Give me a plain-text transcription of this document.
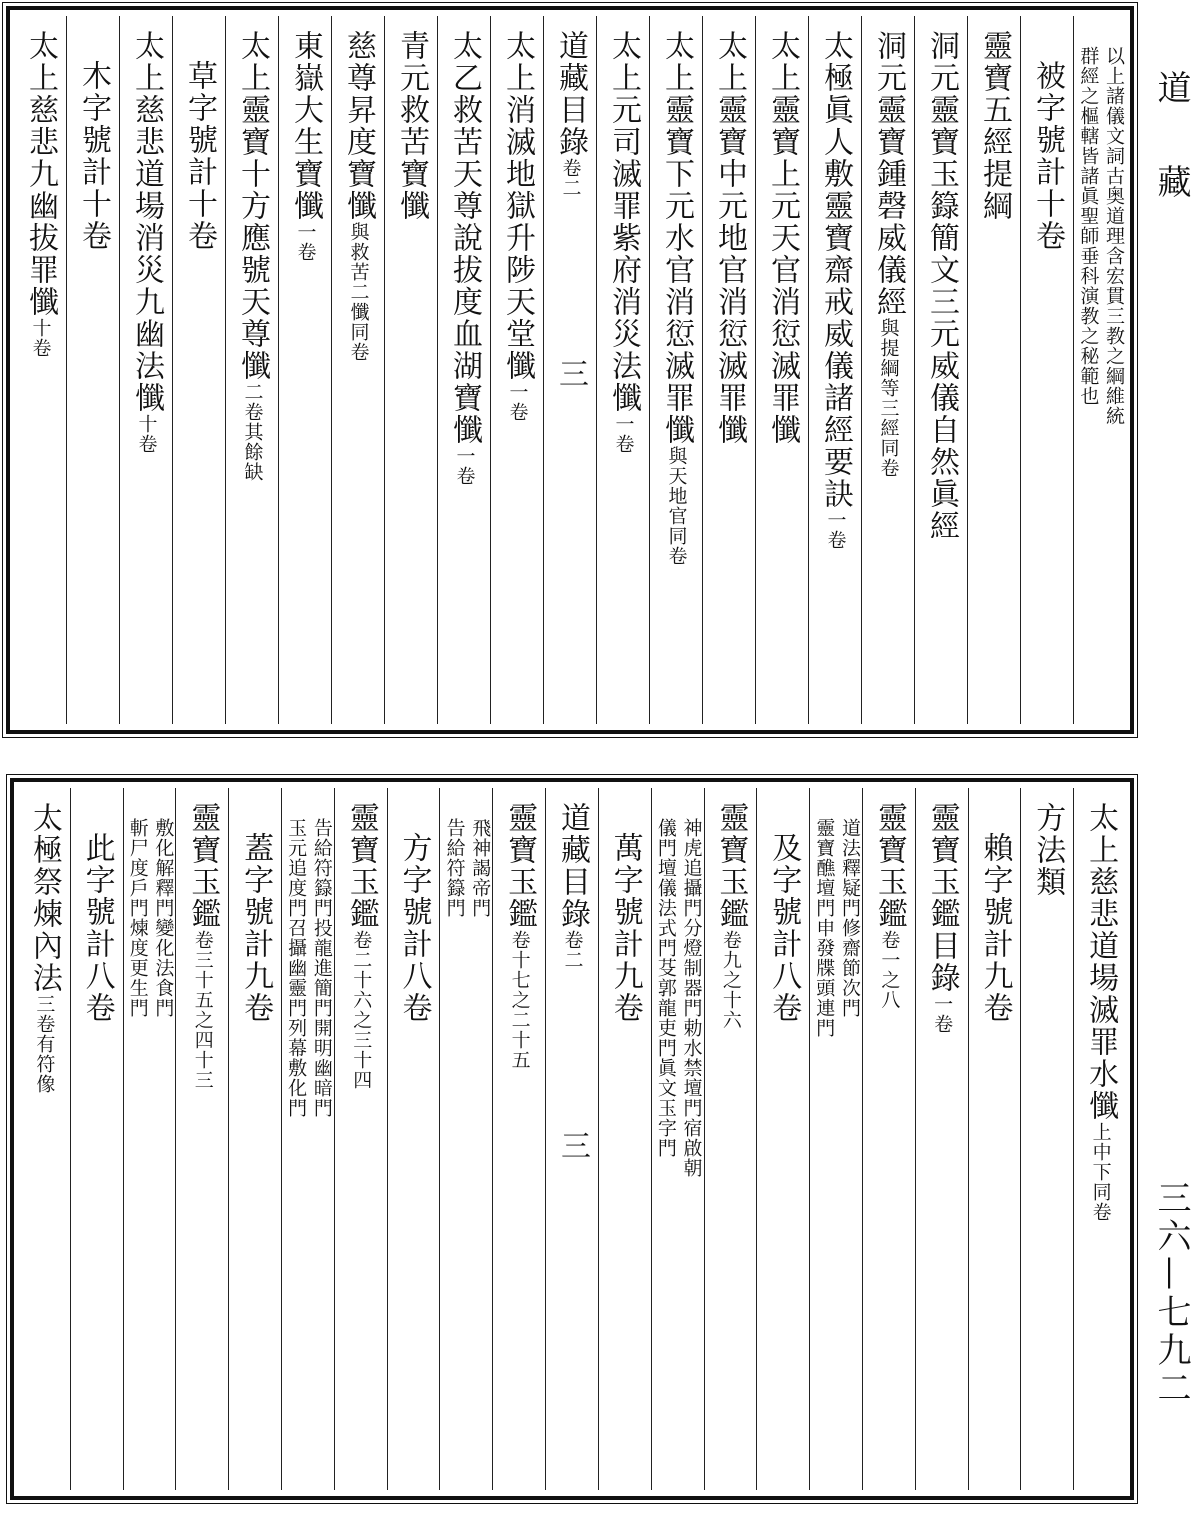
道藏
三六—七九二
以上諸儀文詞古奥道理含宏貫三教之綱維統
群經之樞轄皆諸眞聖師垂科演教之秘範也
被字號計十卷
靈寶五經提綱
洞元靈寶玉籙簡文三元威儀自然眞經
洞元靈寶鍾磬威儀經
與提綱等三經同卷
太極眞人敷靈寶齋戒威儀諸經要訣
一卷
太上靈寶上元天官消愆滅罪懺
太上靈寶中元地官消愆滅罪懺
太上靈寶下元水官消愆滅罪懺
與天地官同卷
太上元司滅罪紫府消災法懺
一卷
道藏目錄
卷二
三
太上消滅地獄升陟天堂懺
一卷
太乙救苦天尊說拔度血湖寶懺
一卷
青元救苦寶懺
慈尊昇度寶懺
與救苦二懺同卷
東嶽大生寶懺
一卷
太上靈寶十方應號天尊懺
二卷其餘缺
草字號計十卷
太上慈悲道場消災九幽法懺
十卷
木字號計十卷
太上慈悲九幽拔罪懺
十卷
太上慈悲道場滅罪水懺
上中下同卷
方法類
賴字號計九卷
靈寶玉鑑目錄
一卷
靈寶玉鑑
卷一之八
道法釋疑門修齋節次門
靈寶醮壇門申發牒頭連門
及字號計八卷
靈寶玉鑑
卷九之十六
神虎追攝門分燈制器門勅水禁壇門宿啟朝
儀門壇儀法式門芟郭龍吏門眞文玉字門
萬字號計九卷
道藏目錄
卷二
三
靈寶玉鑑
卷十七之二十五
飛神謁帝門
告給符籙門
方字號計八卷
靈寶玉鑑
卷二十六之三十四
告給符籙門投龍進簡門開明幽暗門
玉元追度門召攝幽靈門列幕敷化門
蓋字號計九卷
靈寶玉鑑
卷三十五之四十三
敷化解釋門變化法食門
斬尸度戶門煉度更生門
此字號計八卷
太極祭煉內法
三卷有符像
